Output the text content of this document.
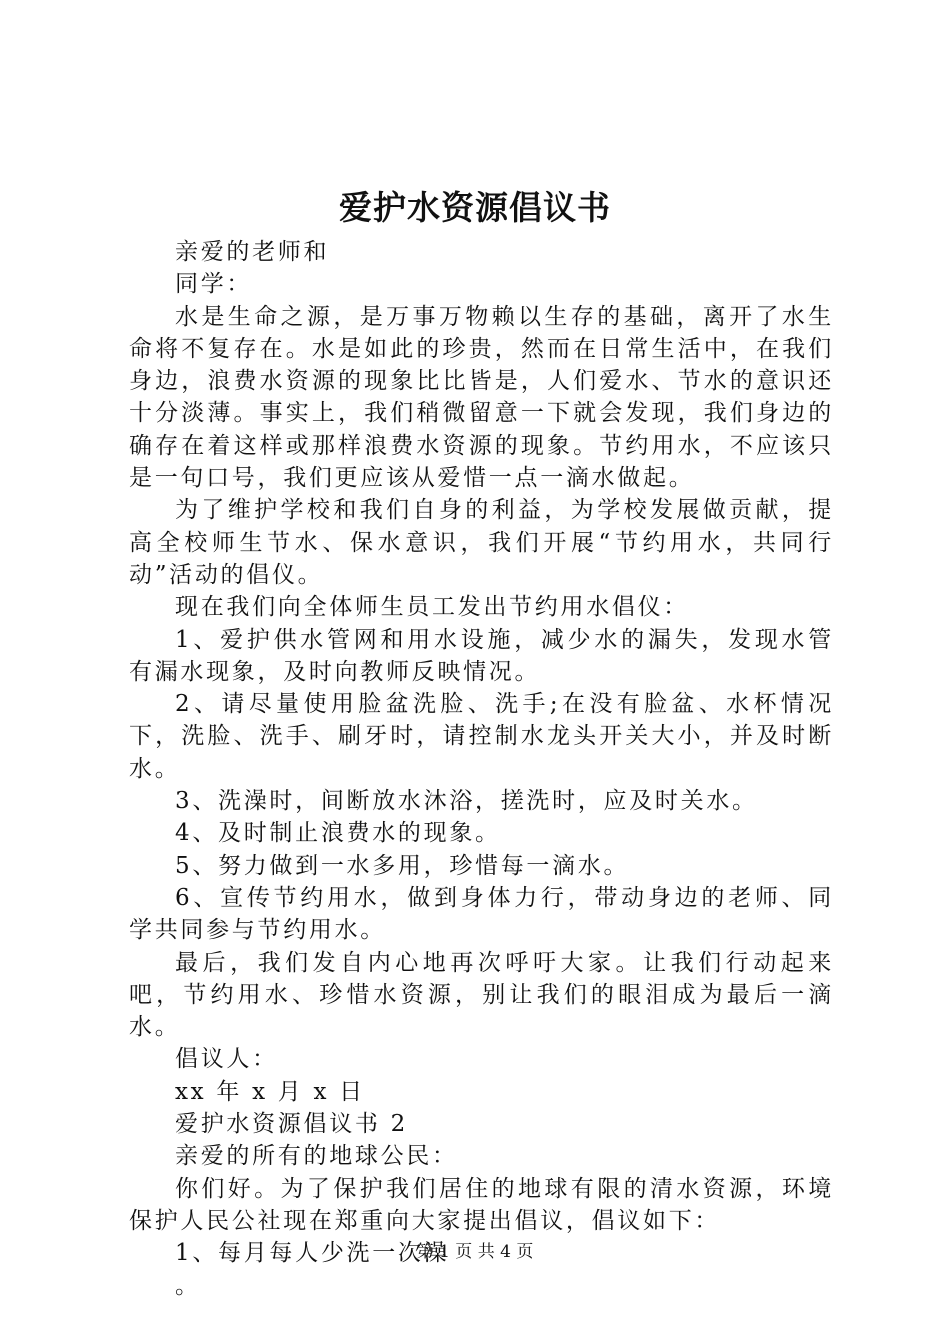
爱护水资源倡议书

亲爱的老师和

同学：

水是生命之源，是万事万物赖以生存的基础，离开了水生命将不复存在。水是如此的珍贵，然而在日常生活中，在我们身边，浪费水资源的现象比比皆是，人们爱水、节水的意识还十分淡薄。事实上，我们稍微留意一下就会发现，我们身边的确存在着这样或那样浪费水资源的现象。节约用水，不应该只是一句口号，我们更应该从爱惜一点一滴水做起。

为了维护学校和我们自身的利益，为学校发展做贡献，提高全校师生节水、保水意识，我们开展“节约用水，共同行动”活动的倡仪。

现在我们向全体师生员工发出节约用水倡仪：

1、爱护供水管网和用水设施，减少水的漏失，发现水管有漏水现象，及时向教师反映情况。

2、请尽量使用脸盆洗脸、洗手;在没有脸盆、水杯情况下，洗脸、洗手、刷牙时，请控制水龙头开关大小，并及时断水。

3、洗澡时，间断放水沐浴，搓洗时，应及时关水。

4、及时制止浪费水的现象。

5、努力做到一水多用，珍惜每一滴水。

6、宣传节约用水，做到身体力行，带动身边的老师、同学共同参与节约用水。

最后，我们发自内心地再次呼吁大家。让我们行动起来吧，节约用水、珍惜水资源，别让我们的眼泪成为最后一滴水。

倡议人：

xx 年 x 月 x 日

爱护水资源倡议书 2

亲爱的所有的地球公民：

你们好。为了保护我们居住的地球有限的清水资源，环境保护人民公社现在郑重向大家提出倡议，倡议如下：

1、每月每人少洗一次澡

。

第 1 页 共 4 页
